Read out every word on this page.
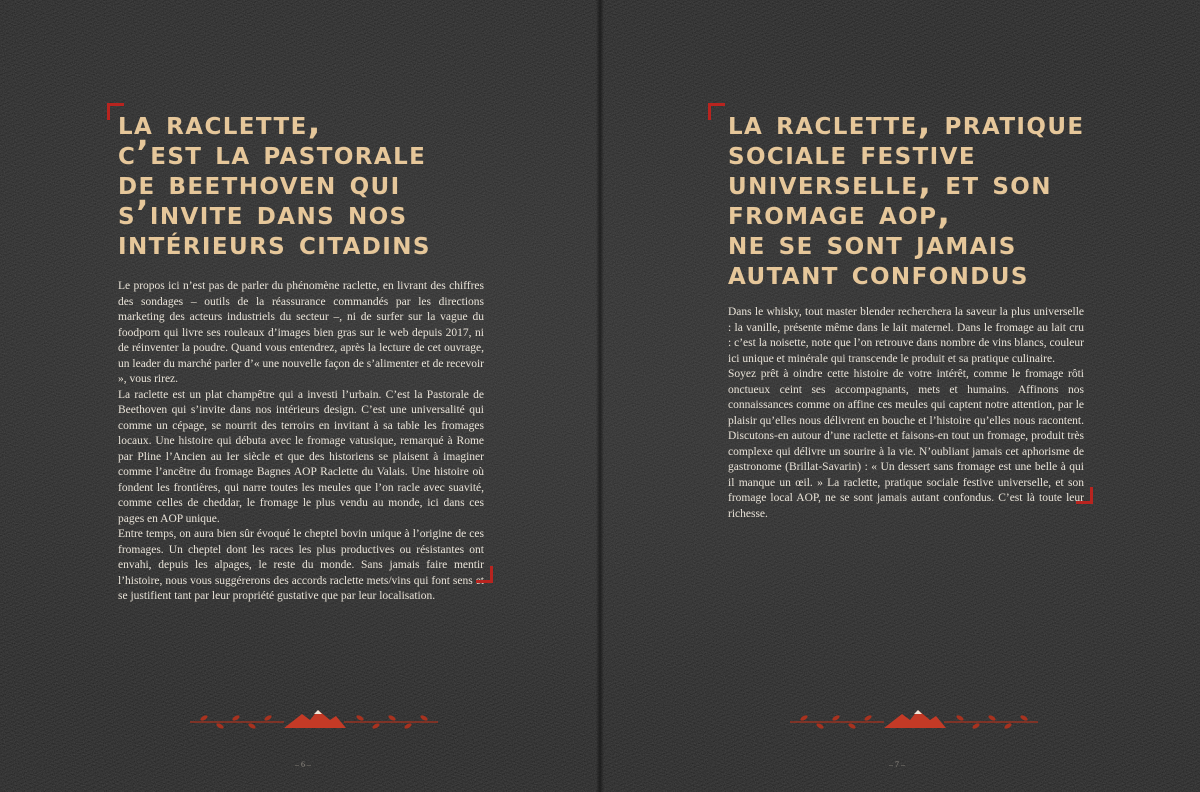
la raclette,
c’est la pastorale
de beethoven qui
s’invite dans nos
intérieurs citadins

Le propos ici n’est pas de parler du phénomène raclette, en livrant des chiffres des sondages – outils de la réassurance commandés par les directions marketing des acteurs industriels du secteur –, ni de surfer sur la vague du foodporn qui livre ses rouleaux d’images bien gras sur le web depuis 2017, ni de réinventer la poudre. Quand vous entendrez, après la lecture de cet ouvrage, un leader du marché parler d’« une nouvelle façon de s’alimenter et de recevoir », vous rirez.

La raclette est un plat champêtre qui a investi l’urbain. C’est la Pastorale de Beethoven qui s’invite dans nos intérieurs design. C’est une universalité qui comme un cépage, se nourrit des terroirs en invitant à sa table les fromages locaux. Une histoire qui débuta avec le fromage vatusique, remarqué à Rome par Pline l’Ancien au Ier siècle et que des historiens se plaisent à imaginer comme l’ancêtre du fromage Bagnes AOP Raclette du Valais. Une histoire où fondent les frontières, qui narre toutes les meules que l’on racle avec suavité, comme celles de cheddar, le fromage le plus vendu au monde, ici dans ces pages en AOP unique.

Entre temps, on aura bien sûr évoqué le cheptel bovin unique à l’origine de ces fromages. Un cheptel dont les races les plus productives ou résistantes ont envahi, depuis les alpages, le reste du monde. Sans jamais faire mentir l’histoire, nous vous suggérerons des accords raclette mets/vins qui font sens et se justifient tant par leur propriété gustative que par leur localisation.

– 6 –
la raclette, pratique
sociale festive
universelle, et son
fromage aop,
ne se sont jamais
autant confondus

Dans le whisky, tout master blender recherchera la saveur la plus universelle : la vanille, présente même dans le lait maternel. Dans le fromage au lait cru : c’est la noisette, note que l’on retrouve dans nombre de vins blancs, couleur ici unique et minérale qui transcende le produit et sa pratique culinaire.

Soyez prêt à oindre cette histoire de votre intérêt, comme le fromage rôti onctueux ceint ses accompagnants, mets et humains. Affinons nos connaissances comme on affine ces meules qui captent notre attention, par le plaisir qu’elles nous délivrent en bouche et l’histoire qu’elles nous racontent. Discutons-en autour d’une raclette et faisons-en tout un fromage, produit très complexe qui délivre un sourire à la vie. N’oubliant jamais cet aphorisme de gastronome (Brillat-Savarin) : « Un dessert sans fromage est une belle à qui il manque un œil. » La raclette, pratique sociale festive universelle, et son fromage local AOP, ne se sont jamais autant confondus. C’est là toute leur richesse.

– 7 –
